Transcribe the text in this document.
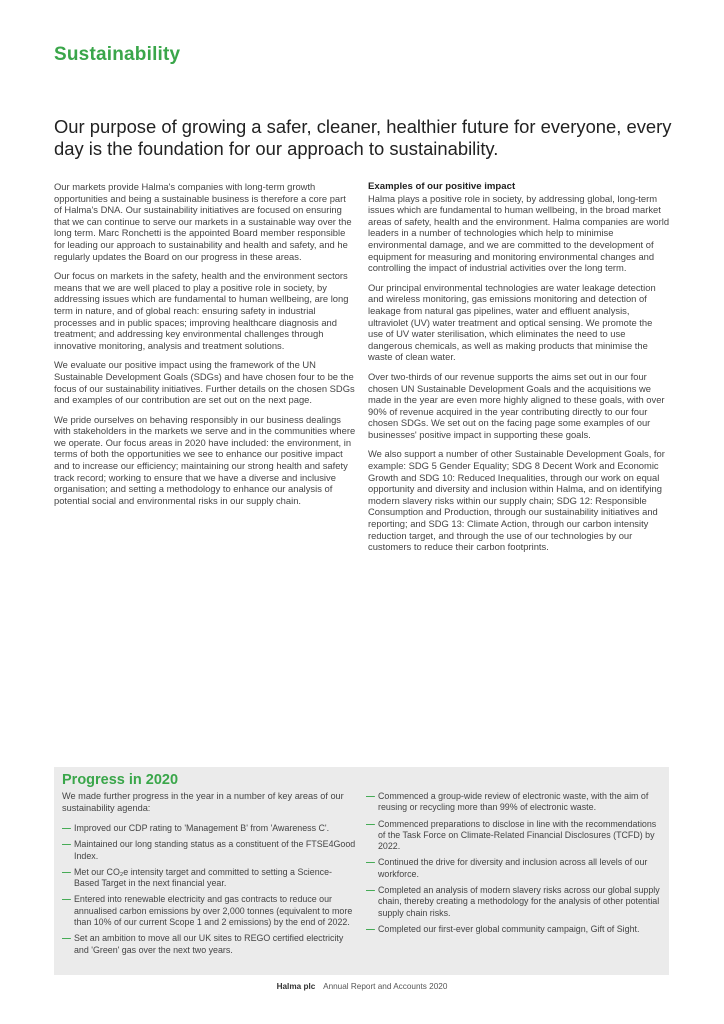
Sustainability
Our purpose of growing a safer, cleaner, healthier future for everyone, every day is the foundation for our approach to sustainability.

Our markets provide Halma's companies with long-term growth opportunities and being a sustainable business is therefore a core part of Halma's DNA. Our sustainability initiatives are focused on ensuring that we can continue to serve our markets in a sustainable way over the long term. Marc Ronchetti is the appointed Board member responsible for leading our approach to sustainability and health and safety, and he regularly updates the Board on our progress in these areas.

Our focus on markets in the safety, health and the environment sectors means that we are well placed to play a positive role in society, by addressing issues which are fundamental to human wellbeing, are long term in nature, and of global reach: ensuring safety in industrial processes and in public spaces; improving healthcare diagnosis and treatment; and addressing key environmental challenges through innovative monitoring, analysis and treatment solutions.

We evaluate our positive impact using the framework of the UN Sustainable Development Goals (SDGs) and have chosen four to be the focus of our sustainability initiatives. Further details on the chosen SDGs and examples of our contribution are set out on the next page.

We pride ourselves on behaving responsibly in our business dealings with stakeholders in the markets we serve and in the communities where we operate. Our focus areas in 2020 have included: the environment, in terms of both the opportunities we see to enhance our positive impact and to increase our efficiency; maintaining our strong health and safety track record; working to ensure that we have a diverse and inclusive organisation; and setting a methodology to enhance our analysis of potential social and environmental risks in our supply chain.

Examples of our positive impact

Halma plays a positive role in society, by addressing global, long-term issues which are fundamental to human wellbeing, in the broad market areas of safety, health and the environment. Halma companies are world leaders in a number of technologies which help to minimise environmental damage, and we are committed to the development of equipment for measuring and monitoring environmental changes and controlling the impact of industrial activities over the long term.

Our principal environmental technologies are water leakage detection and wireless monitoring, gas emissions monitoring and detection of leakage from natural gas pipelines, water and effluent analysis, ultraviolet (UV) water treatment and optical sensing. We promote the use of UV water sterilisation, which eliminates the need to use dangerous chemicals, as well as making products that minimise the waste of clean water.

Over two-thirds of our revenue supports the aims set out in our four chosen UN Sustainable Development Goals and the acquisitions we made in the year are even more highly aligned to these goals, with over 90% of revenue acquired in the year contributing directly to our four chosen SDGs. We set out on the facing page some examples of our businesses' positive impact in supporting these goals.

We also support a number of other Sustainable Development Goals, for example: SDG 5 Gender Equality; SDG 8 Decent Work and Economic Growth and SDG 10: Reduced Inequalities, through our work on equal opportunity and diversity and inclusion within Halma, and on identifying modern slavery risks within our supply chain; SDG 12: Responsible Consumption and Production, through our sustainability initiatives and reporting; and SDG 13: Climate Action, through our carbon intensity reduction target, and through the use of our technologies by our customers to reduce their carbon footprints.

Progress in 2020
We made further progress in the year in a number of key areas of our sustainability agenda:
— Improved our CDP rating to 'Management B' from 'Awareness C'.
— Maintained our long standing status as a constituent of the FTSE4Good Index.
— Met our CO₂e intensity target and committed to setting a Science-Based Target in the next financial year.
— Entered into renewable electricity and gas contracts to reduce our annualised carbon emissions by over 2,000 tonnes (equivalent to more than 10% of our current Scope 1 and 2 emissions) by the end of 2022.
— Set an ambition to move all our UK sites to REGO certified electricity and 'Green' gas over the next two years.
— Commenced a group-wide review of electronic waste, with the aim of reusing or recycling more than 99% of electronic waste.
— Commenced preparations to disclose in line with the recommendations of the Task Force on Climate-Related Financial Disclosures (TCFD) by 2022.
— Continued the drive for diversity and inclusion across all levels of our workforce.
— Completed an analysis of modern slavery risks across our global supply chain, thereby creating a methodology for the analysis of other potential supply chain risks.
— Completed our first-ever global community campaign, Gift of Sight.
Halma plc Annual Report and Accounts 2020
